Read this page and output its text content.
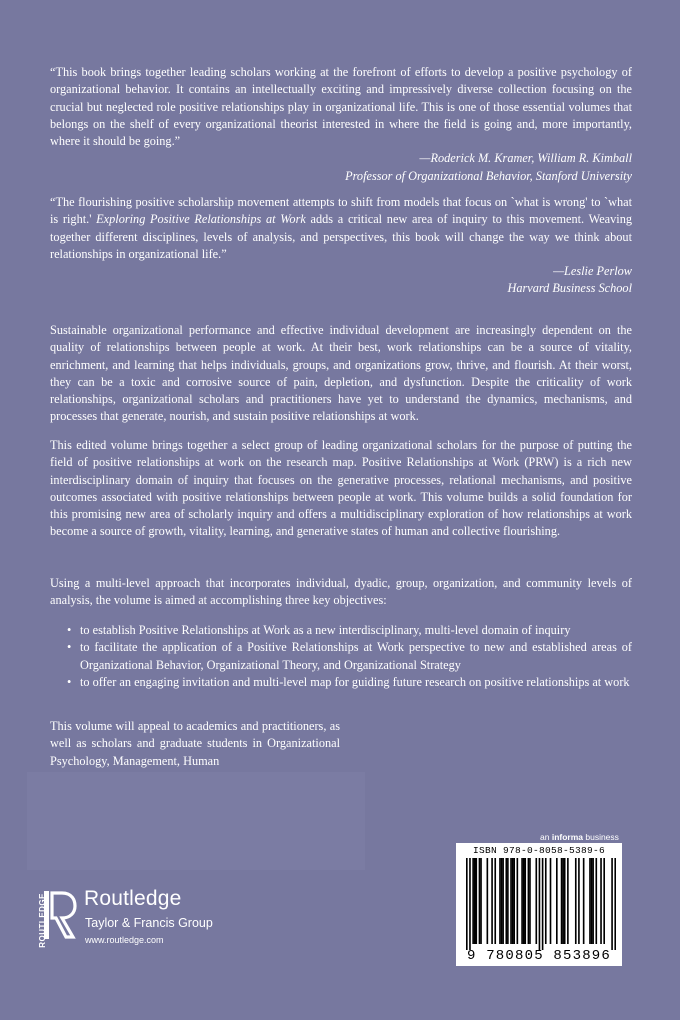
“This book brings together leading scholars working at the forefront of efforts to develop a positive psychology of organizational behavior. It contains an intellectually exciting and impressively diverse collection focusing on the crucial but neglected role positive relationships play in organizational life. This is one of those essential volumes that belongs on the shelf of every organizational theorist interested in where the field is going and, more importantly, where it should be going.”

—Roderick M. Kramer, William R. Kimball
Professor of Organizational Behavior, Stanford University

“The flourishing positive scholarship movement attempts to shift from models that focus on `what is wrong' to `what is right.' Exploring Positive Relationships at Work adds a critical new area of inquiry to this movement. Weaving together different disciplines, levels of analysis, and perspectives, this book will change the way we think about relationships in organizational life.”

—Leslie Perlow
Harvard Business School

Sustainable organizational performance and effective individual development are increasingly dependent on the quality of relationships between people at work. At their best, work relationships can be a source of vitality, enrichment, and learning that helps individuals, groups, and organizations grow, thrive, and flourish. At their worst, they can be a toxic and corrosive source of pain, depletion, and dysfunction. Despite the criticality of work relationships, organizational scholars and practitioners have yet to understand the dynamics, mechanisms, and processes that generate, nourish, and sustain positive relationships at work.

This edited volume brings together a select group of leading organizational scholars for the purpose of putting the field of positive relationships at work on the research map. Positive Relationships at Work (PRW) is a rich new interdisciplinary domain of inquiry that focuses on the generative processes, relational mechanisms, and positive outcomes associated with positive relationships between people at work. This volume builds a solid foundation for this promising new area of scholarly inquiry and offers a multidisciplinary exploration of how relationships at work become a source of growth, vitality, learning, and generative states of human and collective flourishing.

Using a multi-level approach that incorporates individual, dyadic, group, organization, and community levels of analysis, the volume is aimed at accomplishing three key objectives:

• to establish Positive Relationships at Work as a new interdisciplinary, multi-level domain of inquiry
• to facilitate the application of a Positive Relationships at Work perspective to new and established areas of Organizational Behavior, Organizational Theory, and Organizational Strategy
• to offer an engaging invitation and multi-level map for guiding future research on positive relationships at work

This volume will appeal to academics and practitioners, as well as scholars and graduate students in Organizational Psychology, Management, Human

ROUTLEDGE Routledge
Taylor & Francis Group
www.routledge.com
an informa business
ISBN 978-0-8058-5389-6
9 780805 853896
